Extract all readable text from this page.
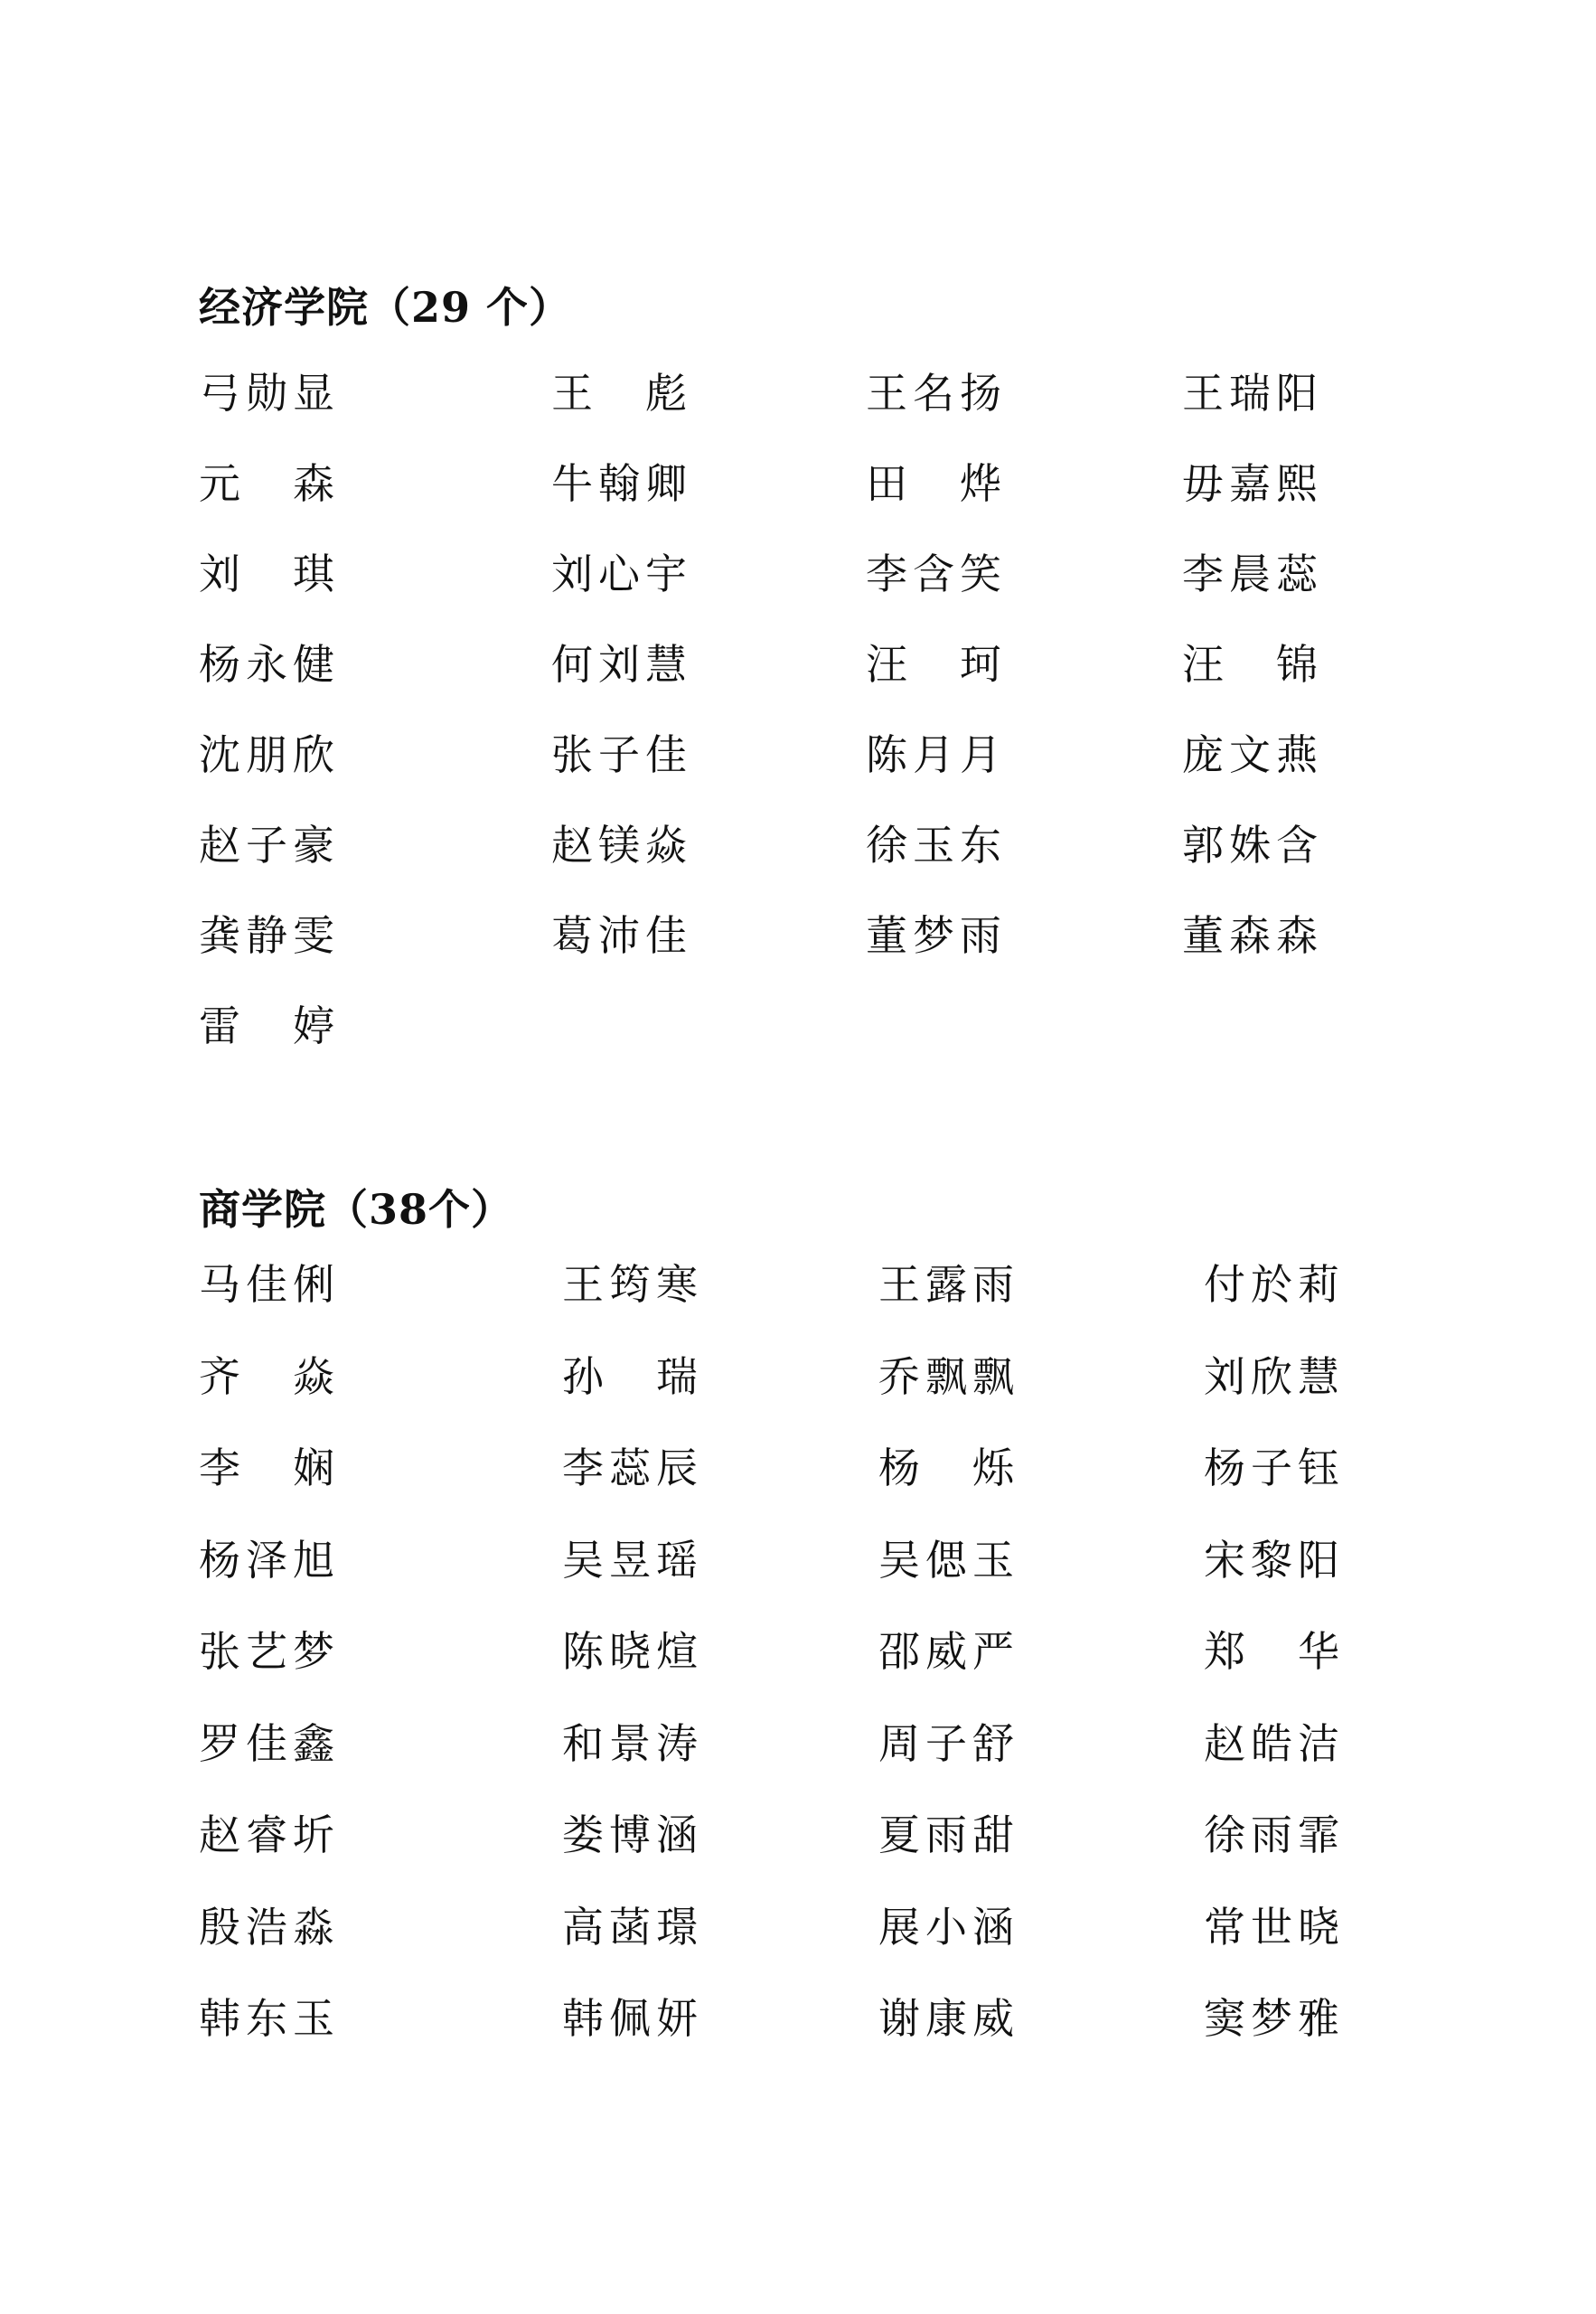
经济学院（29 个）
弓勋显	王　彪	王名扬	王瑞阳
元　森	牛翰卿	田　烨	毋嘉熙
刘　琪	刘心宇	李含笑	李晨蕊
杨永健	何刘慧	汪　珂	汪　锦
沈朋欣	张子佳	陈月月	庞文燕
赵子豪	赵镁焱	徐玉东	郭姝含
龚静雯	葛沛佳	董梦雨	董森森
雷　婷
商学院（38个）
马佳俐	王筠寒	王露雨	付於莉
齐　焱	孙　瑞	乔飘飘	刘欣慧
李　娴	李蕊辰	杨　烁	杨子钰
杨泽旭	吴昱瑶	吴偲玉	宋黎阳
张艺梦	陈晓煊	邵威严	郑　华
罗佳鑫	和景涛	周子舒	赵皓洁
赵睿圻	娄博涵	夏雨甜	徐雨霏
殷浩淼	高菡璟	展小涵	常世晓
韩东玉	韩佩妍	谢康威	窦梦雅
